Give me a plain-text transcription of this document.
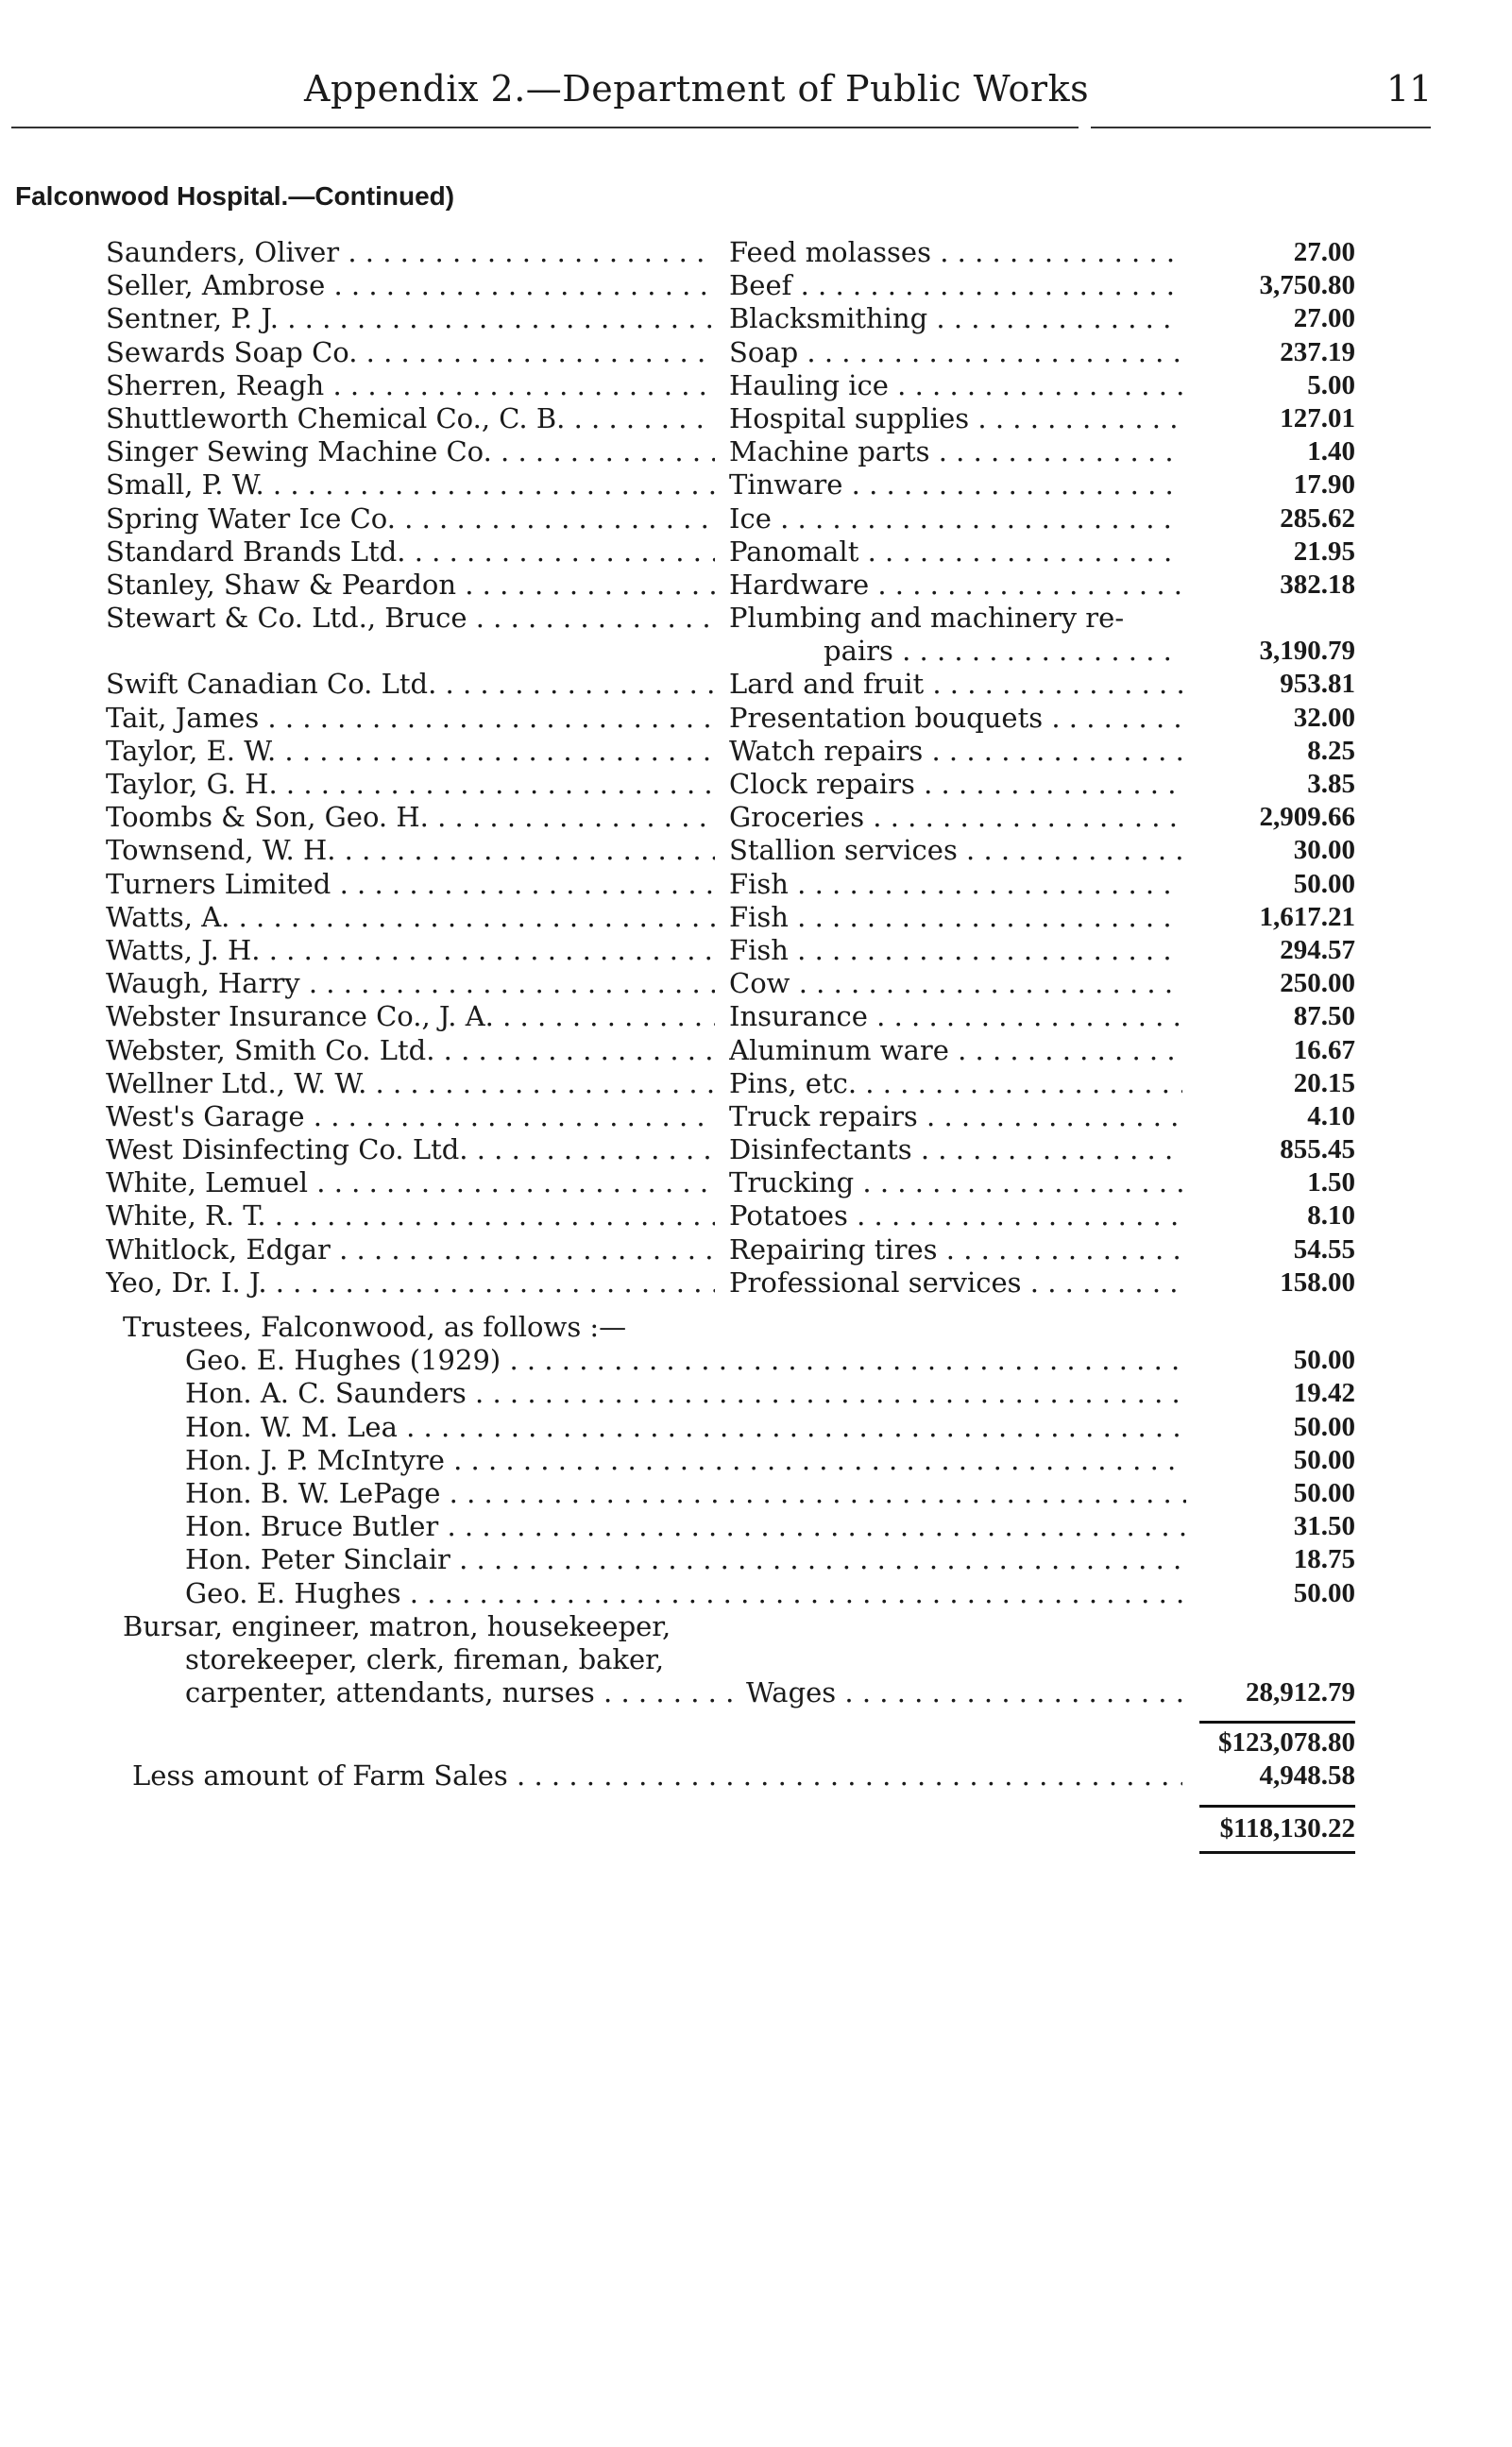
Appendix 2.—Department of Public Works	11
Falconwood Hospital.—Continued)
Saunders, Oliver . . .	Feed molasses . . .	27.00
Seller, Ambrose . . .	Beef . . .	3,750.80
Sentner, P. J. . . .	Blacksmithing . . .	27.00
Sewards Soap Co. . . .	Soap . . .	237.19
Sherren, Reagh . . .	Hauling ice . . .	5.00
Shuttleworth Chemical Co., C. B. . . .	Hospital supplies . . .	127.01
Singer Sewing Machine Co. . . .	Machine parts . . .	1.40
Small, P. W. . . .	Tinware . . .	17.90
Spring Water Ice Co. . . .	Ice . . .	285.62
Standard Brands Ltd. . . .	Panomalt . . .	21.95
Stanley, Shaw & Peardon . . .	Hardware . . .	382.18
Stewart & Co. Ltd., Bruce . . .	Plumbing and machinery re-
pairs . . .	3,190.79
Swift Canadian Co. Ltd. . . .	Lard and fruit . . .	953.81
Tait, James . . .	Presentation bouquets . . .	32.00
Taylor, E. W. . . .	Watch repairs . . .	8.25
Taylor, G. H. . . .	Clock repairs . . .	3.85
Toombs & Son, Geo. H. . . .	Groceries . . .	2,909.66
Townsend, W. H. . . .	Stallion services . . .	30.00
Turners Limited . . .	Fish . . .	50.00
Watts, A. . . .	Fish . . .	1,617.21
Watts, J. H. . . .	Fish . . .	294.57
Waugh, Harry . . .	Cow . . .	250.00
Webster Insurance Co., J. A. . . .	Insurance . . .	87.50
Webster, Smith Co. Ltd. . . .	Aluminum ware . . .	16.67
Wellner Ltd., W. W. . . .	Pins, etc. . . .	20.15
West's Garage . . .	Truck repairs . . .	4.10
West Disinfecting Co. Ltd. . . .	Disinfectants . . .	855.45
White, Lemuel . . .	Trucking . . .	1.50
White, R. T. . . .	Potatoes . . .	8.10
Whitlock, Edgar . . .	Repairing tires . . .	54.55
Yeo, Dr. I. J. . . .	Professional services . . .	158.00
Trustees, Falconwood, as follows :—
Geo. E. Hughes (1929) . . .	50.00
Hon. A. C. Saunders . . .	19.42
Hon. W. M. Lea . . .	50.00
Hon. J. P. McIntyre . . .	50.00
Hon. B. W. LePage . . .	50.00
Hon. Bruce Butler . . .	31.50
Hon. Peter Sinclair . . .	18.75
Geo. E. Hughes . . .	50.00
Bursar, engineer, matron, housekeeper,
storekeeper, clerk, fireman, baker,
carpenter, attendants, nurses . . .	Wages . . .	28,912.79
$123,078.80
Less amount of Farm Sales . . .	4,948.58
$118,130.22
